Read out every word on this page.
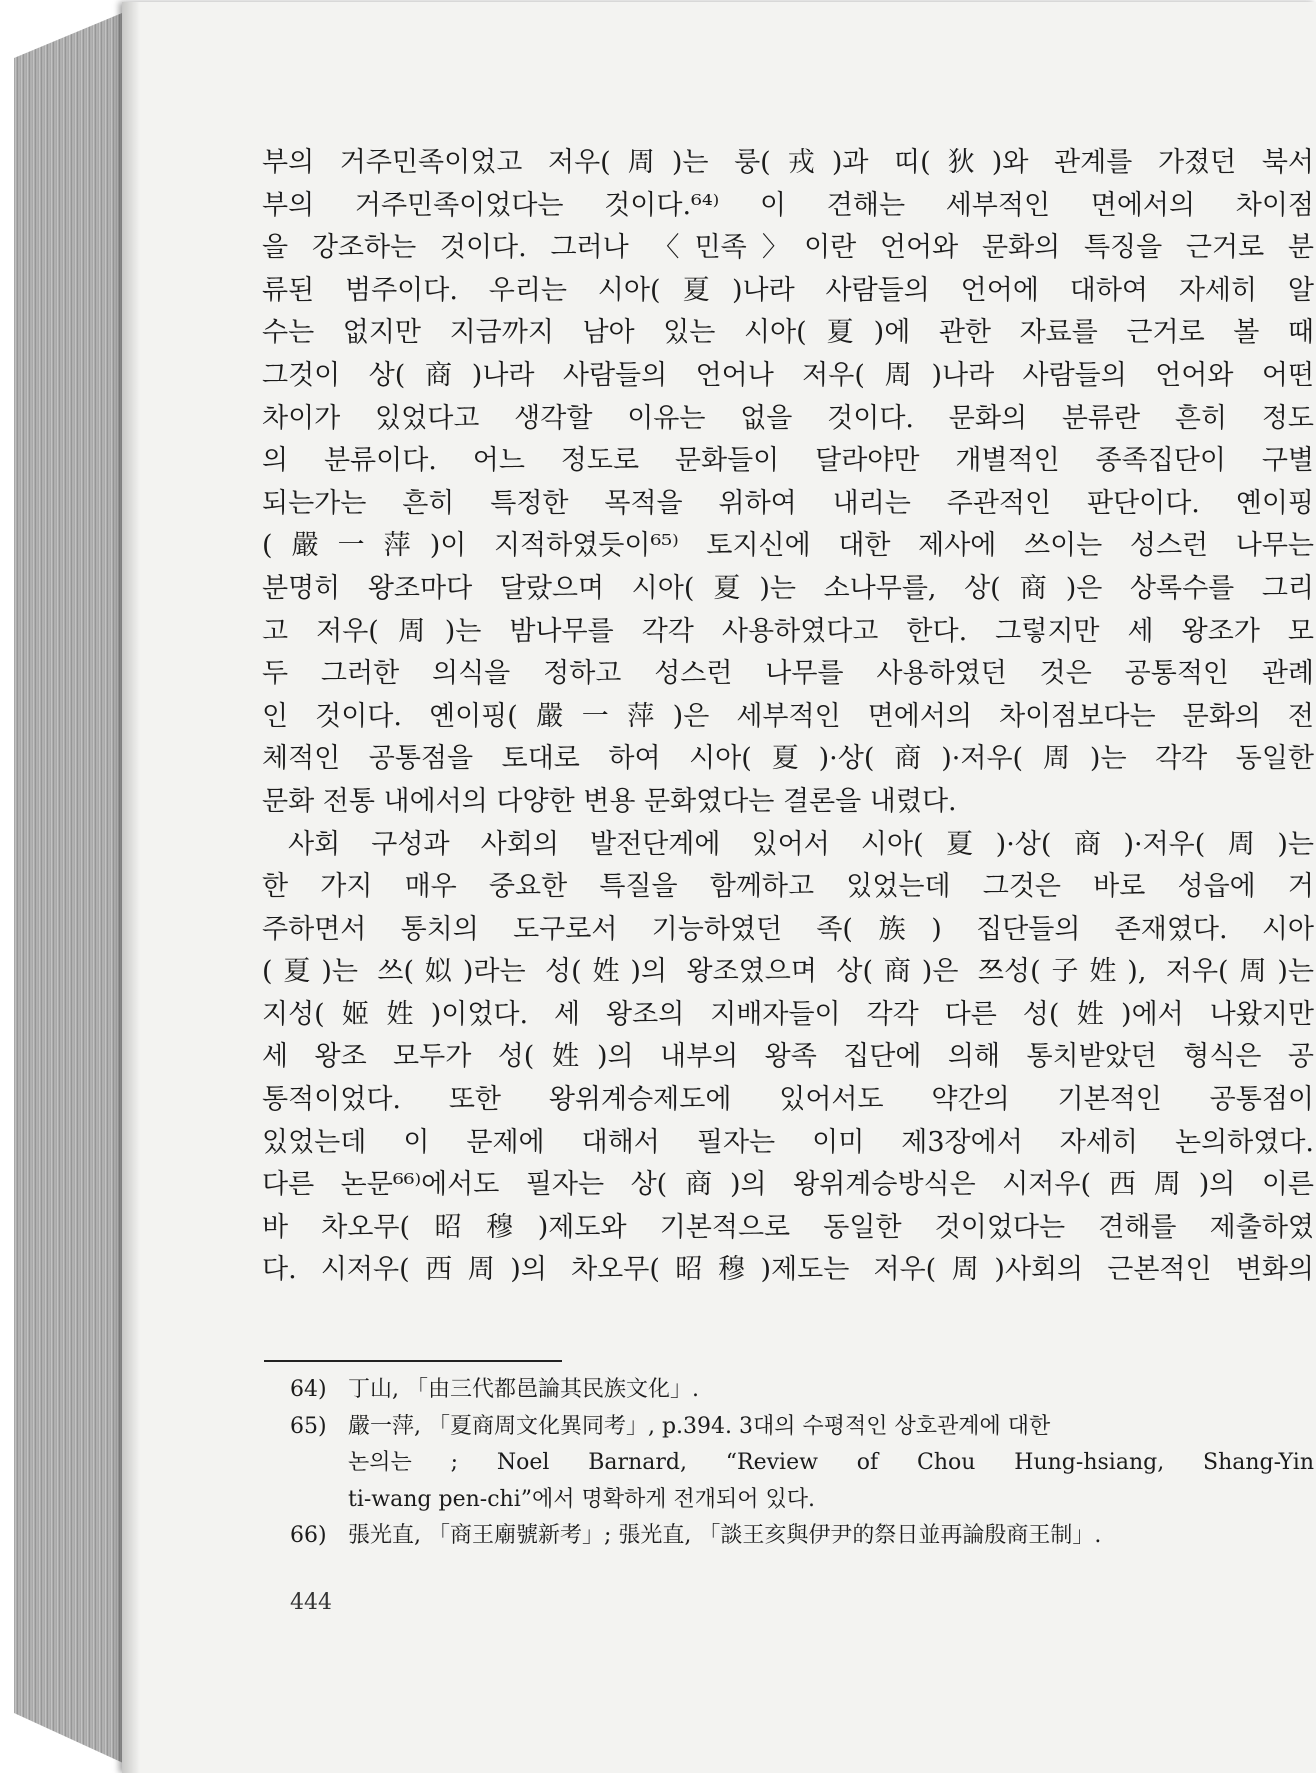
부의 거주민족이었고 저우(周)는 룽(戎)과 띠(狄)와 관계를 가졌던 북서
부의 거주민족이었다는 것이다.⁶⁴⁾ 이 견해는 세부적인 면에서의 차이점
을 강조하는 것이다. 그러나 〈민족〉이란 언어와 문화의 특징을 근거로 분
류된 범주이다. 우리는 시아(夏)나라 사람들의 언어에 대하여 자세히 알
수는 없지만 지금까지 남아 있는 시아(夏)에 관한 자료를 근거로 볼 때
그것이 상(商)나라 사람들의 언어나 저우(周)나라 사람들의 언어와 어떤
차이가 있었다고 생각할 이유는 없을 것이다. 문화의 분류란 흔히 정도
의 분류이다. 어느 정도로 문화들이 달라야만 개별적인 종족집단이 구별
되는가는 흔히 특정한 목적을 위하여 내리는 주관적인 판단이다. 옌이핑
(嚴一萍)이 지적하였듯이⁶⁵⁾ 토지신에 대한 제사에 쓰이는 성스런 나무는
분명히 왕조마다 달랐으며 시아(夏)는 소나무를, 상(商)은 상록수를 그리
고 저우(周)는 밤나무를 각각 사용하였다고 한다. 그렇지만 세 왕조가 모
두 그러한 의식을 정하고 성스런 나무를 사용하였던 것은 공통적인 관례
인 것이다. 옌이핑(嚴一萍)은 세부적인 면에서의 차이점보다는 문화의 전
체적인 공통점을 토대로 하여 시아(夏)·상(商)·저우(周)는 각각 동일한
문화 전통 내에서의 다양한 변용 문화였다는 결론을 내렸다.
사회 구성과 사회의 발전단계에 있어서 시아(夏)·상(商)·저우(周)는
한 가지 매우 중요한 특질을 함께하고 있었는데 그것은 바로 성읍에 거
주하면서 통치의 도구로서 기능하였던 족(族) 집단들의 존재였다. 시아
(夏)는 쓰(姒)라는 성(姓)의 왕조였으며 상(商)은 쯔성(子姓), 저우(周)는
지성(姬姓)이었다. 세 왕조의 지배자들이 각각 다른 성(姓)에서 나왔지만
세 왕조 모두가 성(姓)의 내부의 왕족 집단에 의해 통치받았던 형식은 공
통적이었다. 또한 왕위계승제도에 있어서도 약간의 기본적인 공통점이
있었는데 이 문제에 대해서 필자는 이미 제3장에서 자세히 논의하였다.
다른 논문⁶⁶⁾에서도 필자는 상(商)의 왕위계승방식은 시저우(西周)의 이른
바 차오무(昭穆)제도와 기본적으로 동일한 것이었다는 견해를 제출하였
다. 시저우(西周)의 차오무(昭穆)제도는 저우(周)사회의 근본적인 변화의
64) 丁山, 「由三代都邑論其民族文化」.
65) 嚴一萍, 「夏商周文化異同考」, p.394. 3대의 수평적인 상호관계에 대한
논의는 ; Noel Barnard, “Review of Chou Hung-hsiang, Shang-Yin
ti-wang pen-chi”에서 명확하게 전개되어 있다.
66) 張光直, 「商王廟號新考」; 張光直, 「談王亥與伊尹的祭日並再論殷商王制」.
444
